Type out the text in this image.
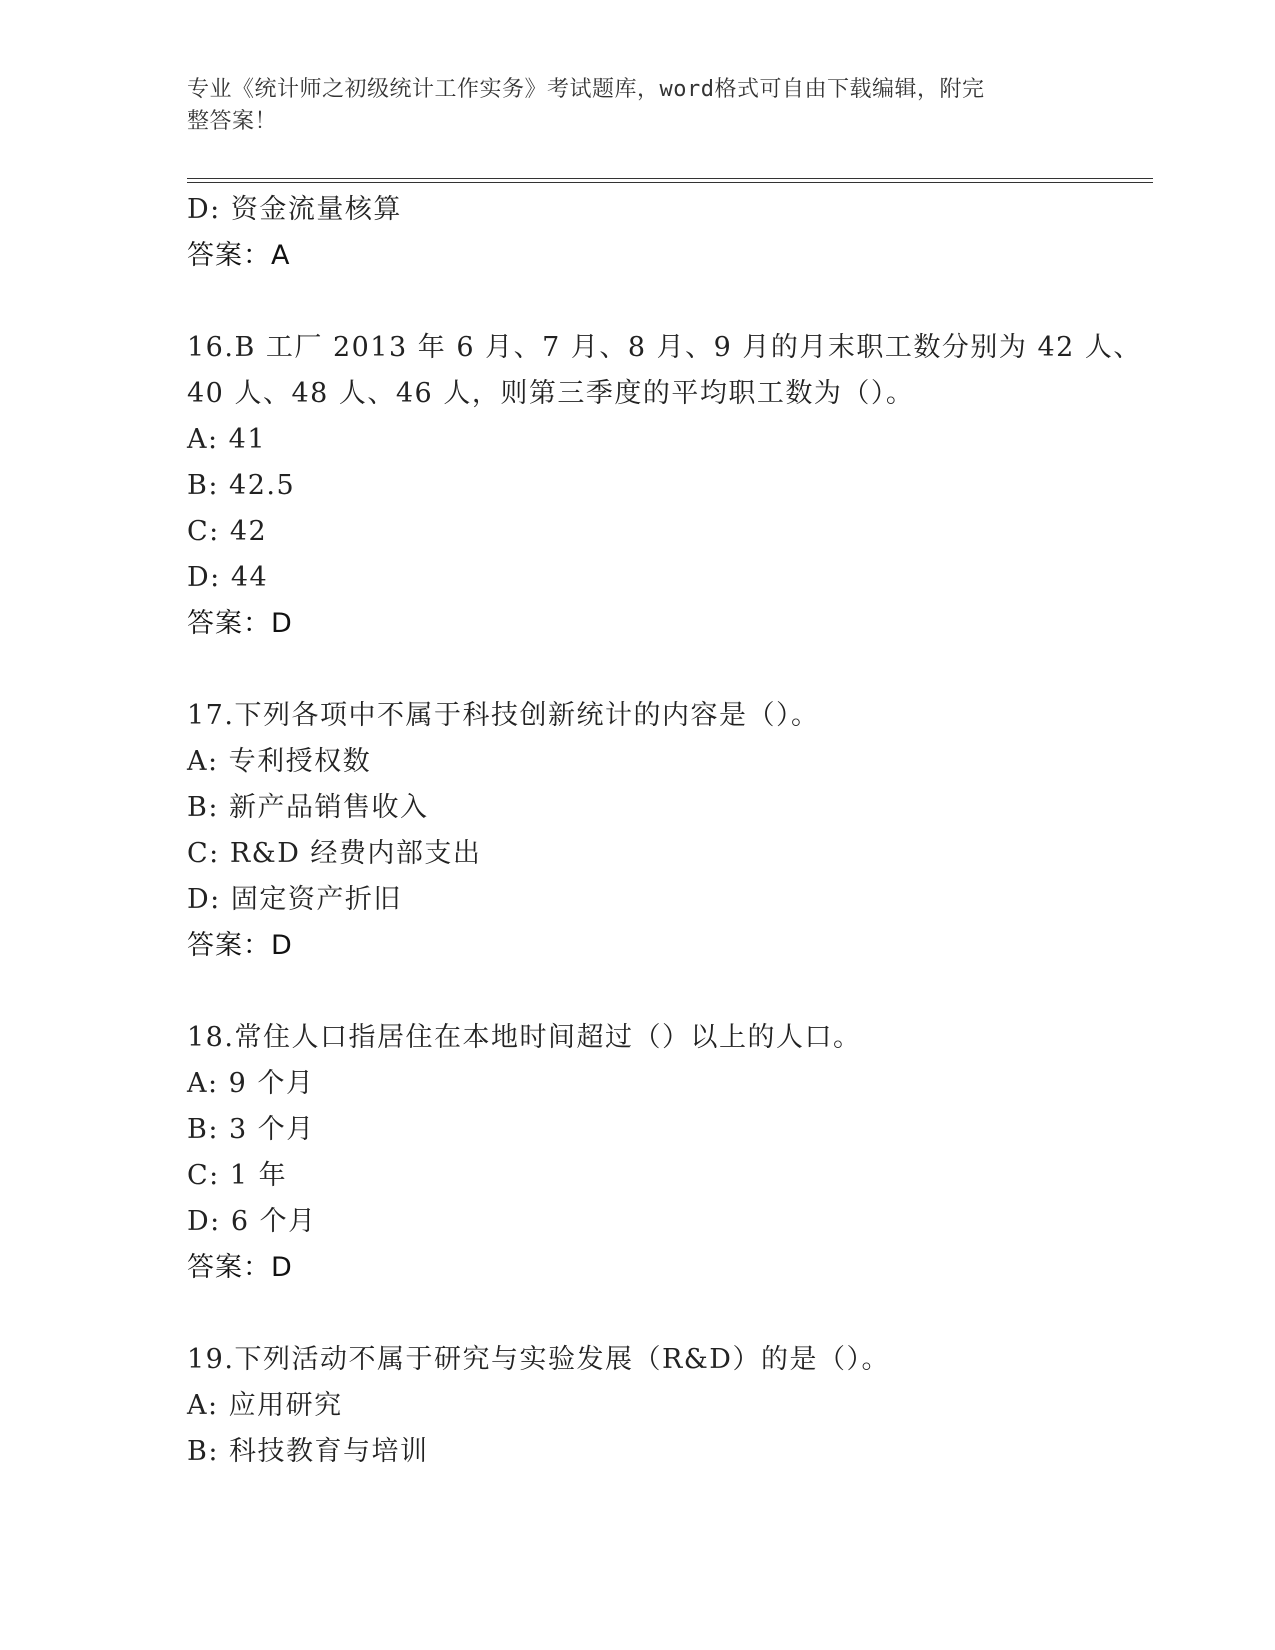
专业《统计师之初级统计工作实务》考试题库，word格式可自由下载编辑，附完
整答案！
D: 资金流量核算
答案：A
16.B 工厂 2013 年 6 月、7 月、8 月、9 月的月末职工数分别为 42 人、
40 人、48 人、46 人，则第三季度的平均职工数为（）。
A: 41
B: 42.5
C: 42
D: 44
答案：D
17.下列各项中不属于科技创新统计的内容是（）。
A: 专利授权数
B: 新产品销售收入
C: R&D 经费内部支出
D: 固定资产折旧
答案：D
18.常住人口指居住在本地时间超过（）以上的人口。
A: 9 个月
B: 3 个月
C: 1 年
D: 6 个月
答案：D
19.下列活动不属于研究与实验发展（R&D）的是（）。
A: 应用研究
B: 科技教育与培训
